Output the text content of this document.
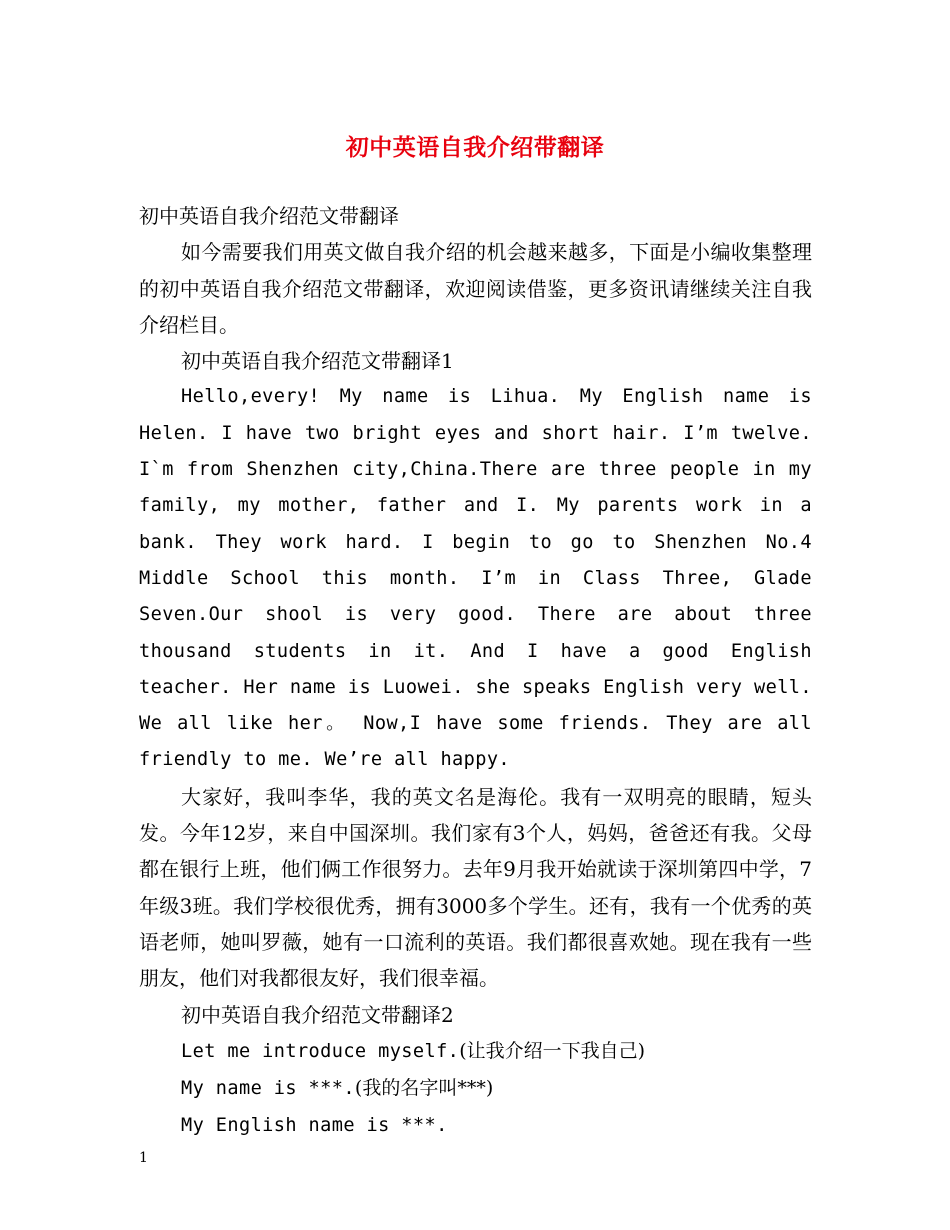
初中英语自我介绍带翻译

初中英语自我介绍范文带翻译

如今需要我们用英文做自我介绍的机会越来越多，下面是小编收集整理的初中英语自我介绍范文带翻译，欢迎阅读借鉴，更多资讯请继续关注自我介绍栏目。

初中英语自我介绍范文带翻译1

Hello,every! My name is Lihua. My English name is Helen. I have two bright eyes and short hair. I’m twelve. I`m from Shenzhen city,China.There are three people in my family, my mother, father and I. My parents work in a bank. They work hard. I begin to go to Shenzhen No.4 Middle School this month. I’m in Class Three, Glade Seven.Our shool is very good. There are about three thousand students in it. And I have a good English teacher. Her name is Luowei. she speaks English very well. We all like her。 Now,I have some friends. They are all friendly to me. We’re all happy.

大家好，我叫李华，我的英文名是海伦。我有一双明亮的眼睛，短头发。今年12岁，来自中国深圳。我们家有3个人，妈妈，爸爸还有我。父母都在银行上班，他们俩工作很努力。去年9月我开始就读于深圳第四中学，7年级3班。我们学校很优秀，拥有3000多个学生。还有，我有一个优秀的英语老师，她叫罗薇，她有一口流利的英语。我们都很喜欢她。现在我有一些朋友，他们对我都很友好，我们很幸福。

初中英语自我介绍范文带翻译2

Let me introduce myself.(让我介绍一下我自己)

My name is ***.(我的名字叫***)

My English name is ***.

1
